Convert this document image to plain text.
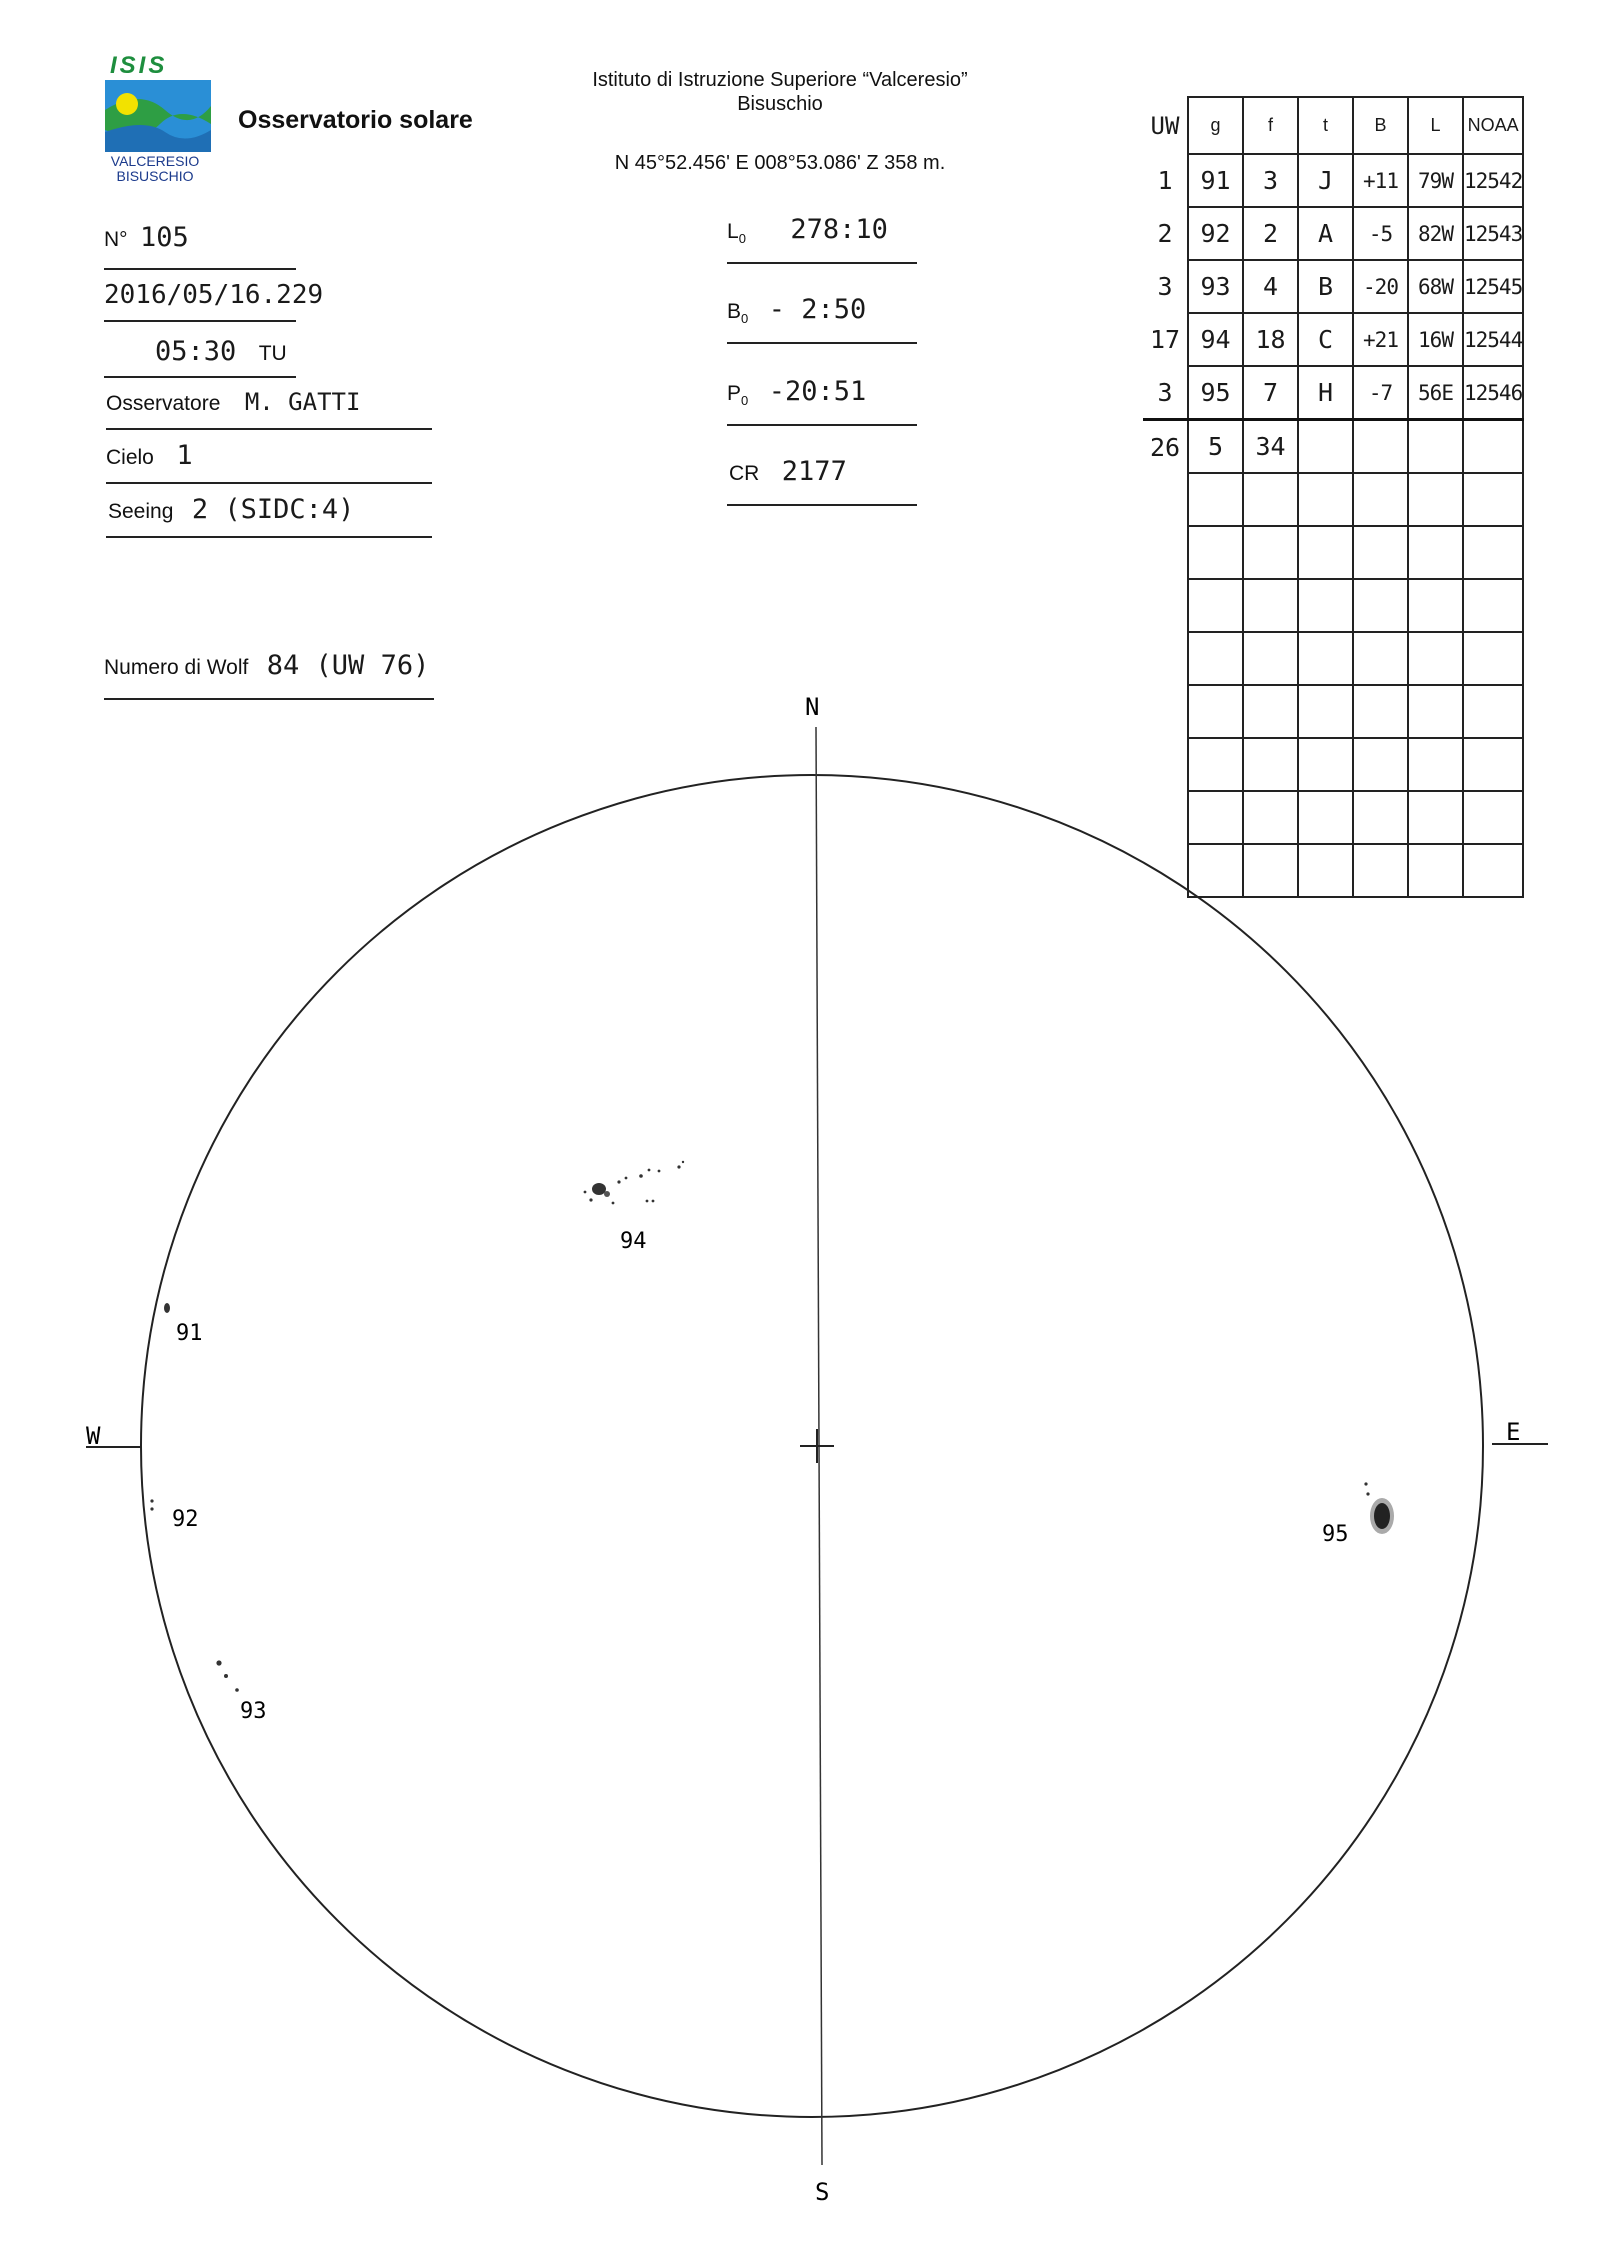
ISIS
VALCERESIO
BISUSCHIO
Osservatorio solare
Istituto di Istruzione Superiore “Valceresio”
Bisuschio
N 45°52.456' E 008°53.086' Z 358 m.
N° 105
2016/05/16.229
05:30 TU
Osservatore M. GATTI
Cielo 1
Seeing 2 (SIDC:4)
Numero di Wolf 84 (UW 76)
$L_0$ 278:10
$B_0$ - 2:50
$P_0$ -20:51
CR 2177
UW	g	f	t	B	L	NOAA
1	91	3	J	+11	79W	12542
2	92	2	A	-5	82W	12543
3	93	4	B	-20	68W	12545
17	94	18	C	+21	16W	12544
3	95	7	H	-7	56E	12546
26	5	34				

N
S
W	E
91
92
93
94
95
